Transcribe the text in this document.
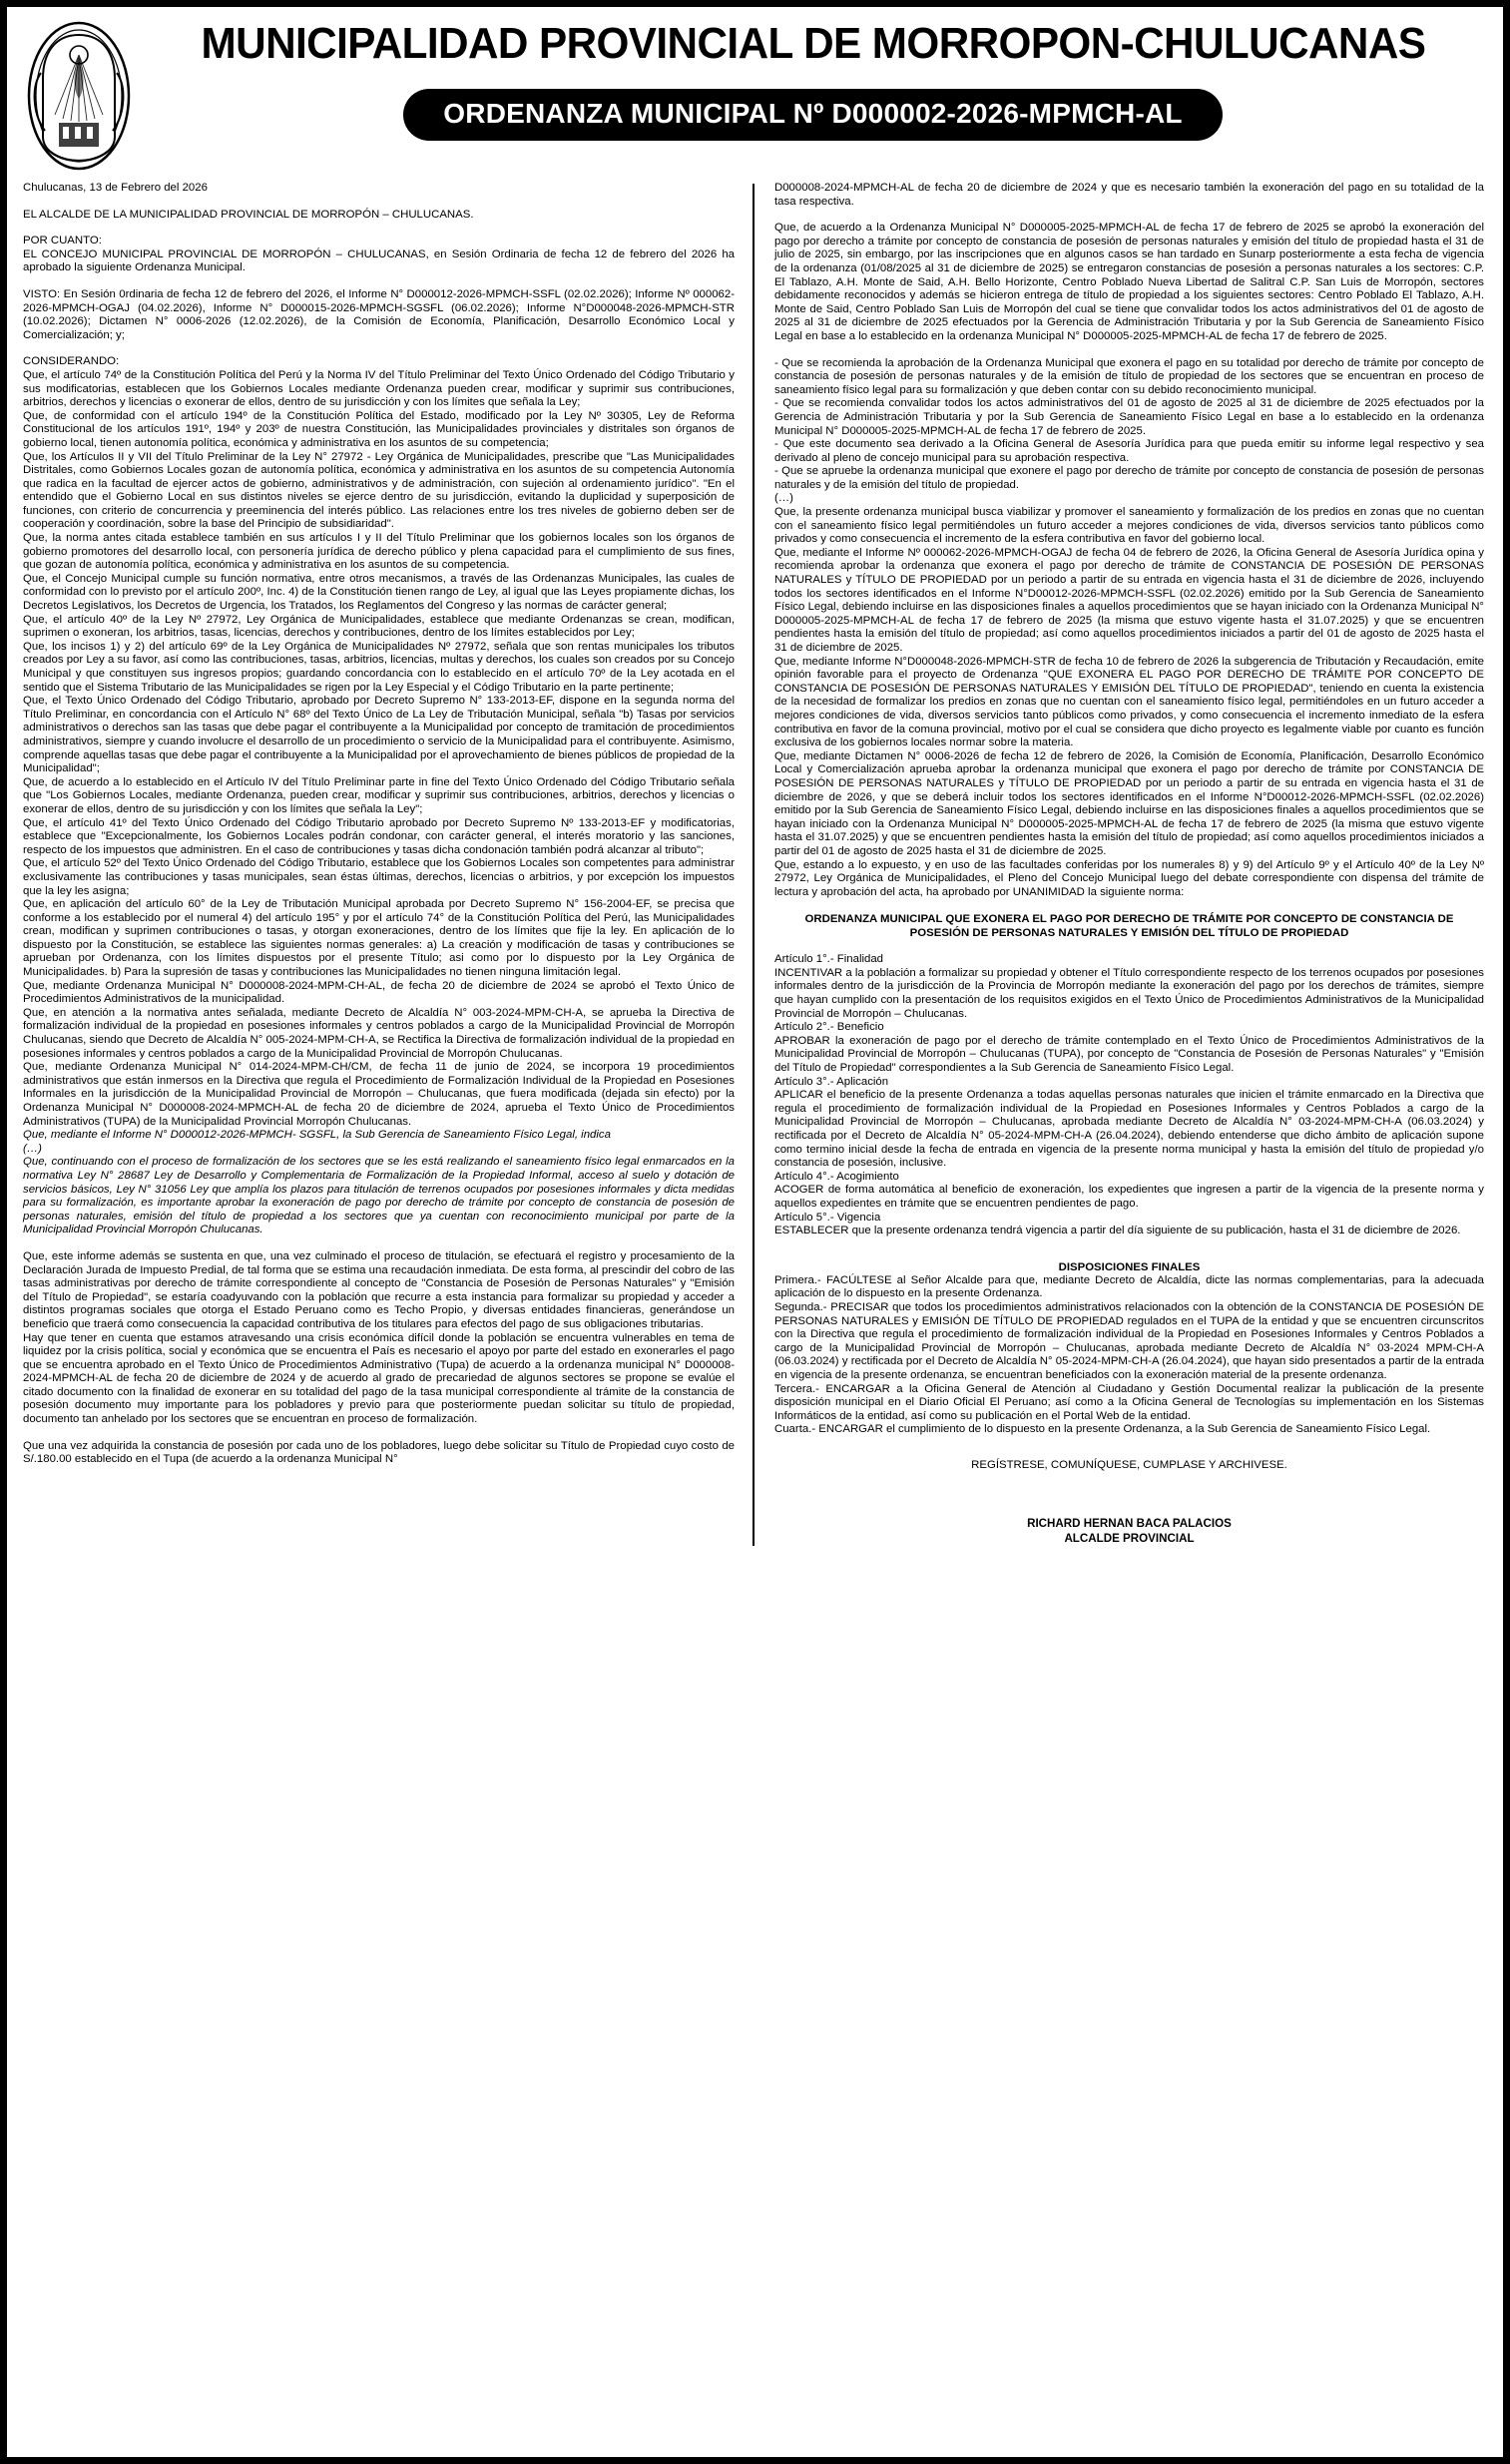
MUNICIPALIDAD PROVINCIAL DE MORROPON-CHULUCANAS
ORDENANZA MUNICIPAL Nº D000002-2026-MPMCH-AL

Chulucanas, 13 de Febrero del 2026

EL ALCALDE DE LA MUNICIPALIDAD PROVINCIAL DE MORROPÓN – CHULUCANAS.

POR CUANTO:

EL CONCEJO MUNICIPAL PROVINCIAL DE MORROPÓN – CHULUCANAS, en Sesión Ordinaria de fecha 12 de febrero del 2026 ha aprobado la siguiente Ordenanza Municipal.

VISTO: En Sesión 0rdinaria de fecha 12 de febrero del 2026, el Informe N° D000012-2026-MPMCH-SSFL (02.02.2026); Informe Nº 000062-2026-MPMCH-OGAJ (04.02.2026), Informe N° D000015-2026-MPMCH-SGSFL (06.02.2026); Informe N°D000048-2026-MPMCH-STR (10.02.2026); Dictamen N° 0006-2026 (12.02.2026), de la Comisión de Economía, Planificación, Desarrollo Económico Local y Comercialización; y;

CONSIDERANDO:

Que, el artículo 74º de la Constitución Política del Perú y la Norma IV del Título Preliminar del Texto Único Ordenado del Código Tributario y sus modificatorias, establecen que los Gobiernos Locales mediante Ordenanza pueden crear, modificar y suprimir sus contribuciones, arbitrios, derechos y licencias o exonerar de ellos, dentro de su jurisdicción y con los límites que señala la Ley;

Que, de conformidad con el artículo 194º de la Constitución Política del Estado, modificado por la Ley Nº 30305, Ley de Reforma Constitucional de los artículos 191º, 194º y 203º de nuestra Constitución, las Municipalidades provinciales y distritales son órganos de gobierno local, tienen autonomía política, económica y administrativa en los asuntos de su competencia;

Que, los Artículos II y VII del Título Preliminar de la Ley N° 27972 - Ley Orgánica de Municipalidades, prescribe que "Las Municipalidades Distritales, como Gobiernos Locales gozan de autonomía política, económica y administrativa en los asuntos de su competencia Autonomía que radica en la facultad de ejercer actos de gobierno, administrativos y de administración, con sujeción al ordenamiento jurídico". "En el entendido que el Gobierno Local en sus distintos niveles se ejerce dentro de su jurisdicción, evitando la duplicidad y superposición de funciones, con criterio de concurrencia y preeminencia del interés público. Las relaciones entre los tres niveles de gobierno deben ser de cooperación y coordinación, sobre la base del Principio de subsidiaridad".

Que, la norma antes citada establece también en sus artículos I y II del Título Preliminar que los gobiernos locales son los órganos de gobierno promotores del desarrollo local, con personería jurídica de derecho público y plena capacidad para el cumplimiento de sus fines, que gozan de autonomía política, económica y administrativa en los asuntos de su competencia.

Que, el Concejo Municipal cumple su función normativa, entre otros mecanismos, a través de las Ordenanzas Municipales, las cuales de conformidad con lo previsto por el artículo 200º, Inc. 4) de la Constitución tienen rango de Ley, al igual que las Leyes propiamente dichas, los Decretos Legislativos, los Decretos de Urgencia, los Tratados, los Reglamentos del Congreso y las normas de carácter general;

Que, el artículo 40º de la Ley Nº 27972, Ley Orgánica de Municipalidades, establece que mediante Ordenanzas se crean, modifican, suprimen o exoneran, los arbitrios, tasas, licencias, derechos y contribuciones, dentro de los límites establecidos por Ley;

Que, los incisos 1) y 2) del artículo 69º de la Ley Orgánica de Municipalidades Nº 27972, señala que son rentas municipales los tributos creados por Ley a su favor, así como las contribuciones, tasas, arbitrios, licencias, multas y derechos, los cuales son creados por su Concejo Municipal y que constituyen sus ingresos propios; guardando concordancia con lo establecido en el artículo 70º de la Ley acotada en el sentido que el Sistema Tributario de las Municipalidades se rigen por la Ley Especial y el Código Tributario en la parte pertinente;

Que, el Texto Único Ordenado del Código Tributario, aprobado por Decreto Supremo N° 133-2013-EF, dispone en la segunda norma del Título Preliminar, en concordancia con el Artículo N° 68º del Texto Único de La Ley de Tributación Municipal, señala "b) Tasas por servicios administrativos o derechos san las tasas que debe pagar el contribuyente a la Municipalidad por concepto de tramitación de procedimientos administrativos, siempre y cuando involucre el desarrollo de un procedimiento o servicio de la Municipalidad para el contribuyente. Asimismo, comprende aquellas tasas que debe pagar el contribuyente a la Municipalidad por el aprovechamiento de bienes públicos de propiedad de la Municipalidad";

Que, de acuerdo a lo establecido en el Artículo IV del Título Preliminar parte in fine del Texto Único Ordenado del Código Tributario señala que "Los Gobiernos Locales, mediante Ordenanza, pueden crear, modificar y suprimir sus contribuciones, arbitrios, derechos y licencias o exonerar de ellos, dentro de su jurisdicción y con los límites que señala la Ley";

Que, el artículo 41º del Texto Único Ordenado del Código Tributario aprobado por Decreto Supremo Nº 133-2013-EF y modificatorias, establece que "Excepcionalmente, los Gobiernos Locales podrán condonar, con carácter general, el interés moratorio y las sanciones, respecto de los impuestos que administren. En el caso de contribuciones y tasas dicha condonación también podrá alcanzar al tributo";

Que, el artículo 52º del Texto Único Ordenado del Código Tributario, establece que los Gobiernos Locales son competentes para administrar exclusivamente las contribuciones y tasas municipales, sean éstas últimas, derechos, licencias o arbitrios, y por excepción los impuestos que la ley les asigna;

Que, en aplicación del artículo 60° de la Ley de Tributación Municipal aprobada por Decreto Supremo N° 156-2004-EF, se precisa que conforme a los establecido por el numeral 4) del artículo 195° y por el artículo 74° de la Constitución Política del Perú, las Municipalidades crean, modifican y suprimen contribuciones o tasas, y otorgan exoneraciones, dentro de los límites que fije la ley. En aplicación de lo dispuesto por la Constitución, se establece las siguientes normas generales: a) La creación y modificación de tasas y contribuciones se aprueban por Ordenanza, con los límites dispuestos por el presente Título; asi como por lo dispuesto por la Ley Orgánica de Municipalidades. b) Para la supresión de tasas y contribuciones las Municipalidades no tienen ninguna limitación legal.

Que, mediante Ordenanza Municipal N° D000008-2024-MPM-CH-AL, de fecha 20 de diciembre de 2024 se aprobó el Texto Único de Procedimientos Administrativos de la municipalidad.

Que, en atención a la normativa antes señalada, mediante Decreto de Alcaldía N° 003-2024-MPM-CH-A, se aprueba la Directiva de formalización individual de la propiedad en posesiones informales y centros poblados a cargo de la Municipalidad Provincial de Morropón Chulucanas, siendo que Decreto de Alcaldía N° 005-2024-MPM-CH-A, se Rectifica la Directiva de formalización individual de la propiedad en posesiones informales y centros poblados a cargo de la Municipalidad Provincial de Morropón Chulucanas.

Que, mediante Ordenanza Municipal N° 014-2024-MPM-CH/CM, de fecha 11 de junio de 2024, se incorpora 19 procedimientos administrativos que están inmersos en la Directiva que regula el Procedimiento de Formalización Individual de la Propiedad en Posesiones Informales en la jurisdicción de la Municipalidad Provincial de Morropón – Chulucanas, que fuera modificada (dejada sin efecto) por la Ordenanza Municipal N° D000008-2024-MPMCH-AL de fecha 20 de diciembre de 2024, aprueba el Texto Único de Procedimientos Administrativos (TUPA) de la Municipalidad Provincial Morropón Chulucanas.

Que, mediante el Informe N° D000012-2026-MPMCH- SGSFL, la Sub Gerencia de Saneamiento Físico Legal, indica

(…)

Que, continuando con el proceso de formalización de los sectores que se les está realizando el saneamiento físico legal enmarcados en la normativa Ley N° 28687 Ley de Desarrollo y Complementaria de Formalización de la Propiedad Informal, acceso al suelo y dotación de servicios básicos, Ley N° 31056 Ley que amplía los plazos para titulación de terrenos ocupados por posesiones informales y dicta medidas para su formalización, es importante aprobar la exoneración de pago por derecho de trámite por concepto de constancia de posesión de personas naturales, emisión del título de propiedad a los sectores que ya cuentan con reconocimiento municipal por parte de la Municipalidad Provincial Morropón Chulucanas.

Que, este informe además se sustenta en que, una vez culminado el proceso de titulación, se efectuará el registro y procesamiento de la Declaración Jurada de Impuesto Predial, de tal forma que se estima una recaudación inmediata. De esta forma, al prescindir del cobro de las tasas administrativas por derecho de trámite correspondiente al concepto de "Constancia de Posesión de Personas Naturales" y "Emisión del Título de Propiedad", se estaría coadyuvando con la población que recurre a esta instancia para formalizar su propiedad y acceder a distintos programas sociales que otorga el Estado Peruano como es Techo Propio, y diversas entidades financieras, generándose un beneficio que traerá como consecuencia la capacidad contributiva de los titulares para efectos del pago de sus obligaciones tributarias.

Hay que tener en cuenta que estamos atravesando una crisis económica difícil donde la población se encuentra vulnerables en tema de liquidez por la crisis política, social y económica que se encuentra el País es necesario el apoyo por parte del estado en exonerarles el pago que se encuentra aprobado en el Texto Único de Procedimientos Administrativo (Tupa) de acuerdo a la ordenanza municipal N° D000008-2024-MPMCH-AL de fecha 20 de diciembre de 2024 y de acuerdo al grado de precariedad de algunos sectores se propone se evalúe el citado documento con la finalidad de exonerar en su totalidad del pago de la tasa municipal correspondiente al trámite de la constancia de posesión documento muy importante para los pobladores y previo para que posteriormente puedan solicitar su título de propiedad, documento tan anhelado por los sectores que se encuentran en proceso de formalización.

Que una vez adquirida la constancia de posesión por cada uno de los pobladores, luego debe solicitar su Título de Propiedad cuyo costo de S/.180.00 establecido en el Tupa (de acuerdo a la ordenanza Municipal N°

D000008-2024-MPMCH-AL de fecha 20 de diciembre de 2024 y que es necesario también la exoneración del pago en su totalidad de la tasa respectiva.

Que, de acuerdo a la Ordenanza Municipal N° D000005-2025-MPMCH-AL de fecha 17 de febrero de 2025 se aprobó la exoneración del pago por derecho a trámite por concepto de constancia de posesión de personas naturales y emisión del título de propiedad hasta el 31 de julio de 2025, sin embargo, por las inscripciones que en algunos casos se han tardado en Sunarp posteriormente a esta fecha de vigencia de la ordenanza (01/08/2025 al 31 de diciembre de 2025) se entregaron constancias de posesión a personas naturales a los sectores: C.P. El Tablazo, A.H. Monte de Said, A.H. Bello Horizonte, Centro Poblado Nueva Libertad de Salitral C.P. San Luis de Morropón, sectores debidamente reconocidos y además se hicieron entrega de título de propiedad a los siguientes sectores: Centro Poblado El Tablazo, A.H. Monte de Said, Centro Poblado San Luis de Morropón del cual se tiene que convalidar todos los actos administrativos del 01 de agosto de 2025 al 31 de diciembre de 2025 efectuados por la Gerencia de Administración Tributaria y por la Sub Gerencia de Saneamiento Físico Legal en base a lo establecido en la ordenanza Municipal N° D000005-2025-MPMCH-AL de fecha 17 de febrero de 2025.

- Que se recomienda la aprobación de la Ordenanza Municipal que exonera el pago en su totalidad por derecho de trámite por concepto de constancia de posesión de personas naturales y de la emisión de título de propiedad de los sectores que se encuentran en proceso de saneamiento físico legal para su formalización y que deben contar con su debido reconocimiento municipal.

- Que se recomienda convalidar todos los actos administrativos del 01 de agosto de 2025 al 31 de diciembre de 2025 efectuados por la Gerencia de Administración Tributaria y por la Sub Gerencia de Saneamiento Físico Legal en base a lo establecido en la ordenanza Municipal N° D000005-2025-MPMCH-AL de fecha 17 de febrero de 2025.

- Que este documento sea derivado a la Oficina General de Asesoría Jurídica para que pueda emitir su informe legal respectivo y sea derivado al pleno de concejo municipal para su aprobación respectiva.

- Que se apruebe la ordenanza municipal que exonere el pago por derecho de trámite por concepto de constancia de posesión de personas naturales y de la emisión del título de propiedad.

(…)

Que, la presente ordenanza municipal busca viabilizar y promover el saneamiento y formalización de los predios en zonas que no cuentan con el saneamiento físico legal permitiéndoles un futuro acceder a mejores condiciones de vida, diversos servicios tanto públicos como privados y como consecuencia el incremento de la esfera contributiva en favor del gobierno local.

Que, mediante el Informe Nº 000062-2026-MPMCH-OGAJ de fecha 04 de febrero de 2026, la Oficina General de Asesoría Jurídica opina y recomienda aprobar la ordenanza que exonera el pago por derecho de trámite de CONSTANCIA DE POSESIÓN DE PERSONAS NATURALES y TÍTULO DE PROPIEDAD por un periodo a partir de su entrada en vigencia hasta el 31 de diciembre de 2026, incluyendo todos los sectores identificados en el Informe N°D00012-2026-MPMCH-SSFL (02.02.2026) emitido por la Sub Gerencia de Saneamiento Físico Legal, debiendo incluirse en las disposiciones finales a aquellos procedimientos que se hayan iniciado con la Ordenanza Municipal N° D000005-2025-MPMCH-AL de fecha 17 de febrero de 2025 (la misma que estuvo vigente hasta el 31.07.2025) y que se encuentren pendientes hasta la emisión del título de propiedad; así como aquellos procedimientos iniciados a partir del 01 de agosto de 2025 hasta el 31 de diciembre de 2025.

Que, mediante Informe N°D000048-2026-MPMCH-STR de fecha 10 de febrero de 2026 la subgerencia de Tributación y Recaudación, emite opinión favorable para el proyecto de Ordenanza "QUE EXONERA EL PAGO POR DERECHO DE TRÁMITE POR CONCEPTO DE CONSTANCIA DE POSESIÓN DE PERSONAS NATURALES Y EMISIÓN DEL TÍTULO DE PROPIEDAD", teniendo en cuenta la existencia de la necesidad de formalizar los predios en zonas que no cuentan con el saneamiento físico legal, permitiéndoles en un futuro acceder a mejores condiciones de vida, diversos servicios tanto públicos como privados, y como consecuencia el incremento inmediato de la esfera contributiva en favor de la comuna provincial, motivo por el cual se considera que dicho proyecto es legalmente viable por cuanto es función exclusiva de los gobiernos locales normar sobre la materia.

Que, mediante Dictamen N° 0006-2026 de fecha 12 de febrero de 2026, la Comisión de Economía, Planificación, Desarrollo Económico Local y Comercialización aprueba aprobar la ordenanza municipal que exonera el pago por derecho de trámite por CONSTANCIA DE POSESIÓN DE PERSONAS NATURALES y TÍTULO DE PROPIEDAD por un periodo a partir de su entrada en vigencia hasta el 31 de diciembre de 2026, y que se deberá incluir todos los sectores identificados en el Informe N°D00012-2026-MPMCH-SSFL (02.02.2026) emitido por la Sub Gerencia de Saneamiento Físico Legal, debiendo incluirse en las disposiciones finales a aquellos procedimientos que se hayan iniciado con la Ordenanza Municipal N° D000005-2025-MPMCH-AL de fecha 17 de febrero de 2025 (la misma que estuvo vigente hasta el 31.07.2025) y que se encuentren pendientes hasta la emisión del título de propiedad; así como aquellos procedimientos iniciados a partir del 01 de agosto de 2025 hasta el 31 de diciembre de 2025.

Que, estando a lo expuesto, y en uso de las facultades conferidas por los numerales 8) y 9) del Artículo 9º y el Artículo 40º de la Ley Nº 27972, Ley Orgánica de Municipalidades, el Pleno del Concejo Municipal luego del debate correspondiente con dispensa del trámite de lectura y aprobación del acta, ha aprobado por UNANIMIDAD la siguiente norma:

ORDENANZA MUNICIPAL QUE EXONERA EL PAGO POR DERECHO DE TRÁMITE POR CONCEPTO DE CONSTANCIA DE POSESIÓN DE PERSONAS NATURALES Y EMISIÓN DEL TÍTULO DE PROPIEDAD

Artículo 1°.- Finalidad

INCENTIVAR a la población a formalizar su propiedad y obtener el Título correspondiente respecto de los terrenos ocupados por posesiones informales dentro de la jurisdicción de la Provincia de Morropón mediante la exoneración del pago por los derechos de trámites, siempre que hayan cumplido con la presentación de los requisitos exigidos en el Texto Único de Procedimientos Administrativos de la Municipalidad Provincial de Morropón – Chulucanas.

Artículo 2°.- Beneficio

APROBAR la exoneración de pago por el derecho de trámite contemplado en el Texto Único de Procedimientos Administrativos de la Municipalidad Provincial de Morropón – Chulucanas (TUPA), por concepto de "Constancia de Posesión de Personas Naturales" y "Emisión del Título de Propiedad" correspondientes a la Sub Gerencia de Saneamiento Físico Legal.

Artículo 3°.- Aplicación

APLICAR el beneficio de la presente Ordenanza a todas aquellas personas naturales que inicien el trámite enmarcado en la Directiva que regula el procedimiento de formalización individual de la Propiedad en Posesiones Informales y Centros Poblados a cargo de la Municipalidad Provincial de Morropón – Chulucanas, aprobada mediante Decreto de Alcaldía N° 03-2024-MPM-CH-A (06.03.2024) y rectificada por el Decreto de Alcaldía N° 05-2024-MPM-CH-A (26.04.2024), debiendo entenderse que dicho ámbito de aplicación supone como termino inicial desde la fecha de entrada en vigencia de la presente norma municipal y hasta la emisión del título de propiedad y/o constancia de posesión, inclusive.

Artículo 4°.- Acogimiento

ACOGER de forma automática al beneficio de exoneración, los expedientes que ingresen a partir de la vigencia de la presente norma y aquellos expedientes en trámite que se encuentren pendientes de pago.

Artículo 5°.- Vigencia

ESTABLECER que la presente ordenanza tendrá vigencia a partir del día siguiente de su publicación, hasta el 31 de diciembre de 2026.

DISPOSICIONES FINALES

Primera.- FACÚLTESE al Señor Alcalde para que, mediante Decreto de Alcaldía, dicte las normas complementarias, para la adecuada aplicación de lo dispuesto en la presente Ordenanza.

Segunda.- PRECISAR que todos los procedimientos administrativos relacionados con la obtención de la CONSTANCIA DE POSESIÓN DE PERSONAS NATURALES y EMISIÓN DE TÍTULO DE PROPIEDAD regulados en el TUPA de la entidad y que se encuentren circunscritos con la Directiva que regula el procedimiento de formalización individual de la Propiedad en Posesiones Informales y Centros Poblados a cargo de la Municipalidad Provincial de Morropón – Chulucanas, aprobada mediante Decreto de Alcaldía N° 03-2024 MPM-CH-A (06.03.2024) y rectificada por el Decreto de Alcaldía N° 05-2024-MPM-CH-A (26.04.2024), que hayan sido presentados a partir de la entrada en vigencia de la presente ordenanza, se encuentran beneficiados con la exoneración material de la presente ordenanza.

Tercera.- ENCARGAR a la Oficina General de Atención al Ciudadano y Gestión Documental realizar la publicación de la presente disposición municipal en el Diario Oficial El Peruano; así como a la Oficina General de Tecnologías su implementación en los Sistemas Informáticos de la entidad, así como su publicación en el Portal Web de la entidad.

Cuarta.- ENCARGAR el cumplimiento de lo dispuesto en la presente Ordenanza, a la Sub Gerencia de Saneamiento Físico Legal.

REGÍSTRESE, COMUNÍQUESE, CUMPLASE Y ARCHIVESE.

RICHARD HERNAN BACA PALACIOS

ALCALDE PROVINCIAL
